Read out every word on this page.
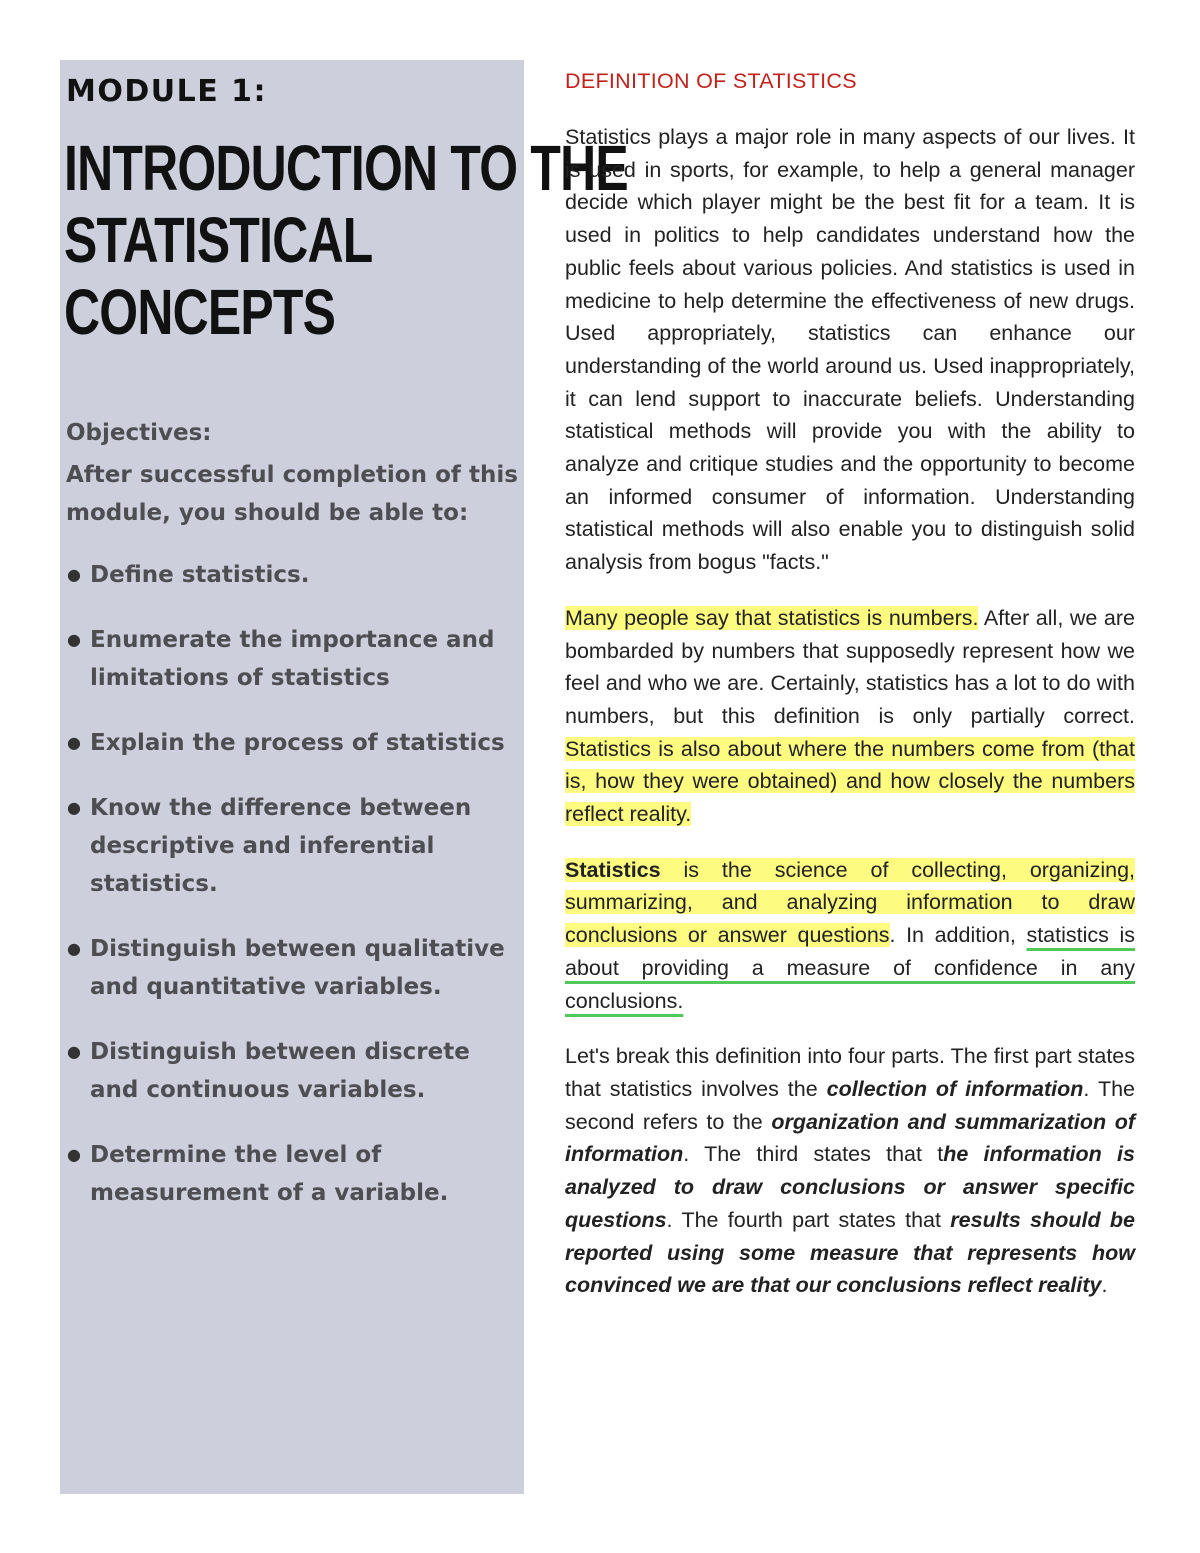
MODULE 1:
INTRODUCTION TO THE
STATISTICAL
CONCEPTS
Objectives:
After successful completion of this module, you should be able to:
● Define statistics.
● Enumerate the importance and limitations of statistics
● Explain the process of statistics
● Know the difference between descriptive and inferential statistics.
● Distinguish between qualitative and quantitative variables.
● Distinguish between discrete and continuous variables.
● Determine the level of measurement of a variable.
DEFINITION OF STATISTICS

Statistics plays a major role in many aspects of our lives. It is used in sports, for example, to help a general manager decide which player might be the best fit for a team. It is used in politics to help candidates understand how the public feels about various policies. And statistics is used in medicine to help determine the effectiveness of new drugs. Used appropriately, statistics can enhance our understanding of the world around us. Used inappropriately, it can lend support to inaccurate beliefs. Understanding statistical methods will provide you with the ability to analyze and critique studies and the opportunity to become an informed consumer of information. Understanding statistical methods will also enable you to distinguish solid analysis from bogus "facts."

Many people say that statistics is numbers. After all, we are bombarded by numbers that supposedly represent how we feel and who we are. Certainly, statistics has a lot to do with numbers, but this definition is only partially correct. Statistics is also about where the numbers come from (that is, how they were obtained) and how closely the numbers reflect reality.

Statistics is the science of collecting, organizing, summarizing, and analyzing information to draw conclusions or answer questions. In addition, statistics is about providing a measure of confidence in any conclusions.

Let's break this definition into four parts. The first part states that statistics involves the collection of information. The second refers to the organization and summarization of information. The third states that the information is analyzed to draw conclusions or answer specific questions. The fourth part states that results should be reported using some measure that represents how convinced we are that our conclusions reflect reality.
